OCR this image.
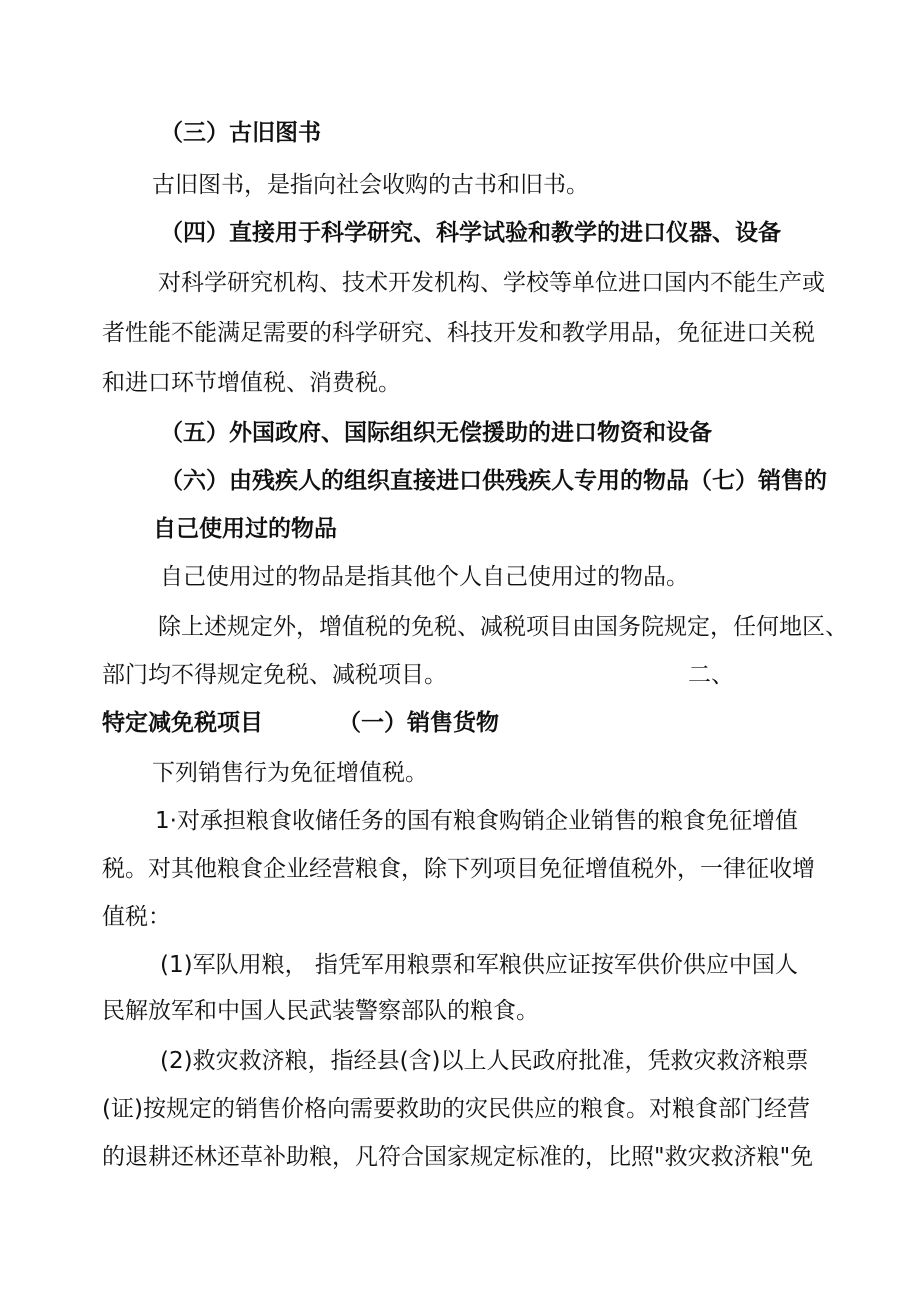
（三）古旧图书

古旧图书，是指向社会收购的古书和旧书。

（四）直接用于科学研究、科学试验和教学的进口仪器、设备

对科学研究机构、技术开发机构、学校等单位进口国内不能生产或

者性能不能满足需要的科学研究、科技开发和教学用品，免征进口关税

和进口环节增值税、消费税。

（五）外国政府、国际组织无偿援助的进口物资和设备

（六）由残疾人的组织直接进口供残疾人专用的物品（七）销售的

自己使用过的物品

自己使用过的物品是指其他个人自己使用过的物品。

除上述规定外，增值税的免税、减税项目由国务院规定，任何地区、

部门均不得规定免税、减税项目。	二、

特定减免税项目	（一）销售货物

下列销售行为免征增值税。

1·对承担粮食收储任务的国有粮食购销企业销售的粮食免征增值

税。对其他粮食企业经营粮食，除下列项目免征增值税外，一律征收增

值税：

(1)军队用粮， 指凭军用粮票和军粮供应证按军供价供应中国人

民解放军和中国人民武装警察部队的粮食。

(2)救灾救济粮，指经县(含)以上人民政府批准，凭救灾救济粮票

(证)按规定的销售价格向需要救助的灾民供应的粮食。对粮食部门经营

的退耕还林还草补助粮，凡符合国家规定标准的，比照"救灾救济粮"免
